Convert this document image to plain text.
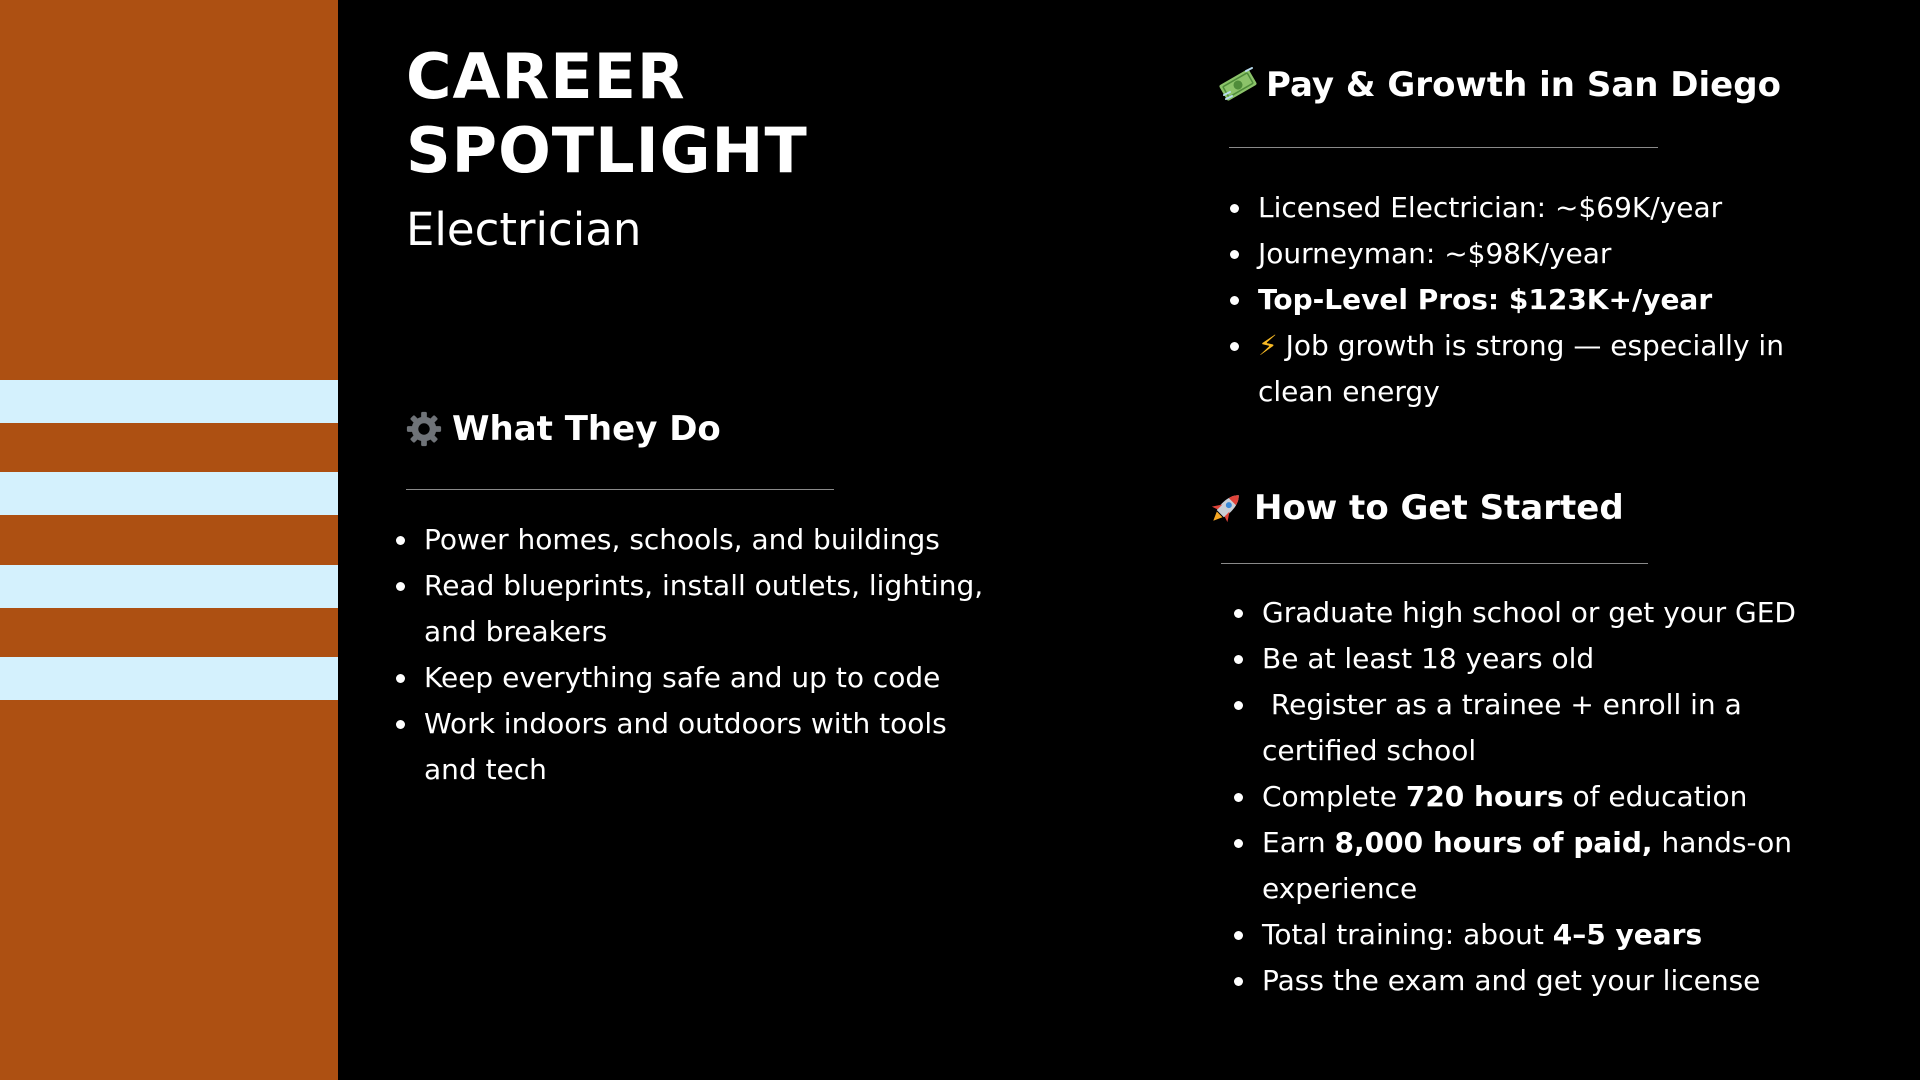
CAREER SPOTLIGHT
Electrician
What They Do
Power homes, schools, and buildings
Read blueprints, install outlets, lighting, and breakers
Keep everything safe and up to code
Work indoors and outdoors with tools and tech
Pay & Growth in San Diego
Licensed Electrician: ~$69K/year
Journeyman: ~$98K/year
Top-Level Pros: $123K+/year
⚡ Job growth is strong — especially in clean energy
How to Get Started
Graduate high school or get your GED
Be at least 18 years old
Register as a trainee + enroll in a certified school
Complete 720 hours of education
Earn 8,000 hours of paid, hands-on experience
Total training: about 4–5 years
Pass the exam and get your license
